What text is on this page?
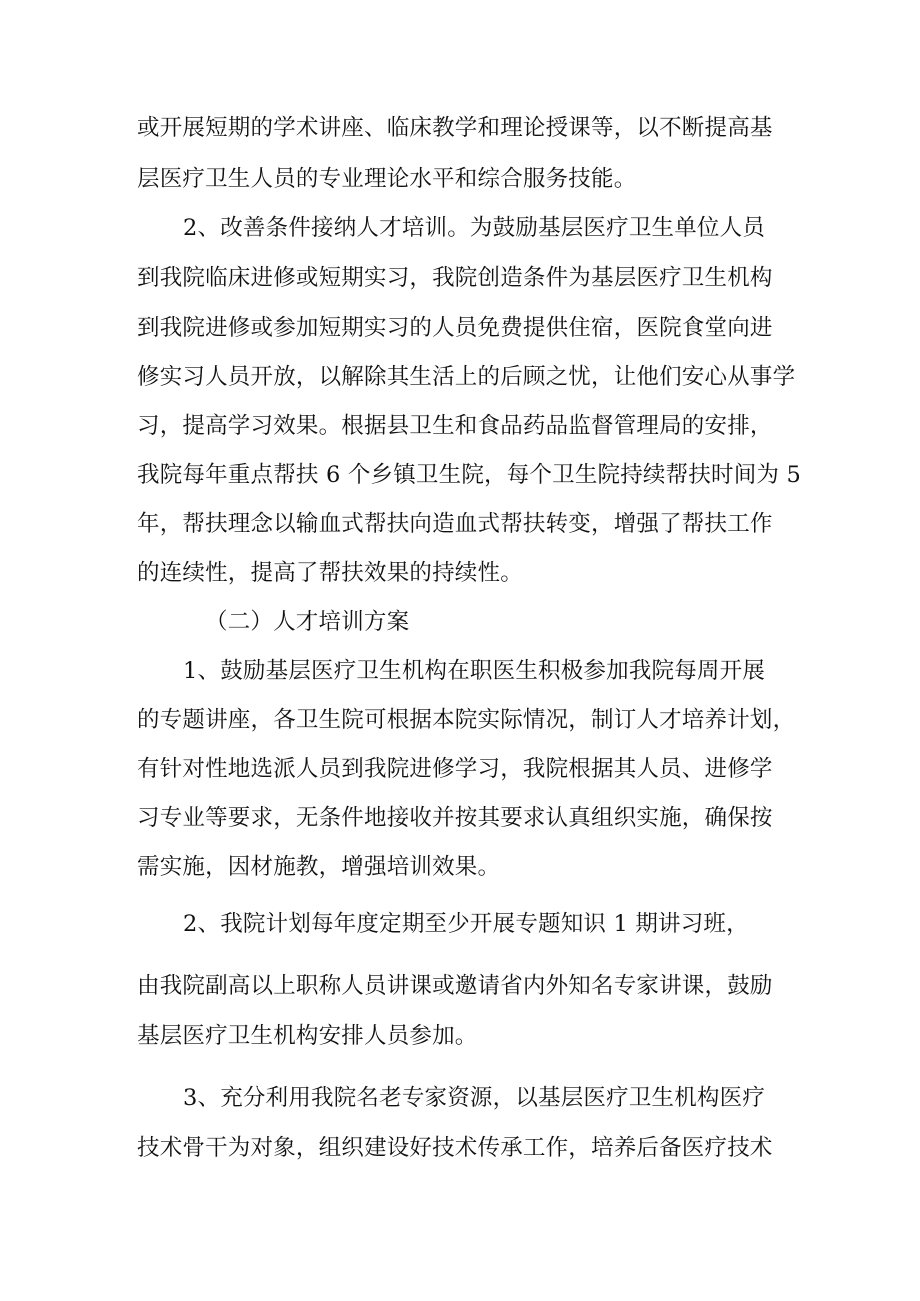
或开展短期的学术讲座、临床教学和理论授课等，以不断提高基
层医疗卫生人员的专业理论水平和综合服务技能。
2、改善条件接纳人才培训。为鼓励基层医疗卫生单位人员
到我院临床进修或短期实习，我院创造条件为基层医疗卫生机构
到我院进修或参加短期实习的人员免费提供住宿，医院食堂向进
修实习人员开放，以解除其生活上的后顾之忧，让他们安心从事学
习，提高学习效果。根据县卫生和食品药品监督管理局的安排，
我院每年重点帮扶 6 个乡镇卫生院，每个卫生院持续帮扶时间为 5
年，帮扶理念以输血式帮扶向造血式帮扶转变，增强了帮扶工作
的连续性，提高了帮扶效果的持续性。
（二）人才培训方案
1、鼓励基层医疗卫生机构在职医生积极参加我院每周开展
的专题讲座，各卫生院可根据本院实际情况，制订人才培养计划，
有针对性地选派人员到我院进修学习，我院根据其人员、进修学
习专业等要求，无条件地接收并按其要求认真组织实施，确保按
需实施，因材施教，增强培训效果。
2、我院计划每年度定期至少开展专题知识 1 期讲习班，
由我院副高以上职称人员讲课或邀请省内外知名专家讲课，鼓励
基层医疗卫生机构安排人员参加。
3、充分利用我院名老专家资源，以基层医疗卫生机构医疗
技术骨干为对象，组织建设好技术传承工作，培养后备医疗技术
